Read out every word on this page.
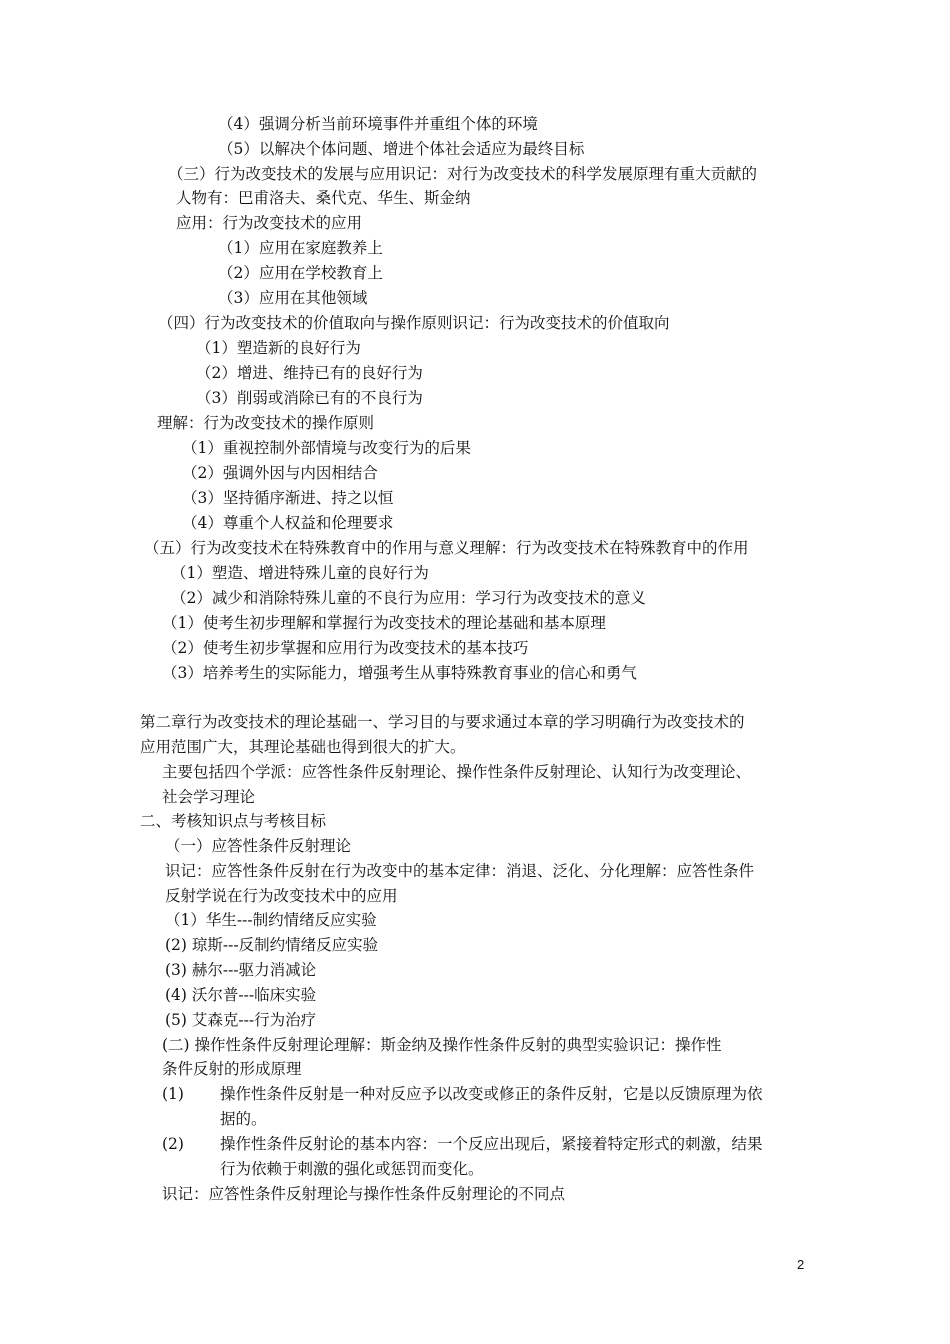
（4）强调分析当前环境事件并重组个体的环境
（5）以解决个体问题、增进个体社会适应为最终目标
（三）行为改变技术的发展与应用识记：对行为改变技术的科学发展原理有重大贡献的
人物有：巴甫洛夫、桑代克、华生、斯金纳
应用：行为改变技术的应用
（1）应用在家庭教养上
（2）应用在学校教育上
（3）应用在其他领域
（四）行为改变技术的价值取向与操作原则识记：行为改变技术的价值取向
（1）塑造新的良好行为
（2）增进、维持已有的良好行为
（3）削弱或消除已有的不良行为
理解：行为改变技术的操作原则
（1）重视控制外部情境与改变行为的后果
（2）强调外因与内因相结合
（3）坚持循序渐进、持之以恒
（4）尊重个人权益和伦理要求
（五）行为改变技术在特殊教育中的作用与意义理解：行为改变技术在特殊教育中的作用
（1）塑造、增进特殊儿童的良好行为
（2）减少和消除特殊儿童的不良行为应用：学习行为改变技术的意义
（1）使考生初步理解和掌握行为改变技术的理论基础和基本原理
（2）使考生初步掌握和应用行为改变技术的基本技巧
（3）培养考生的实际能力，增强考生从事特殊教育事业的信心和勇气
第二章行为改变技术的理论基础一、学习目的与要求通过本章的学习明确行为改变技术的
应用范围广大，其理论基础也得到很大的扩大。
主要包括四个学派：应答性条件反射理论、操作性条件反射理论、认知行为改变理论、
社会学习理论
二、考核知识点与考核目标
（一）应答性条件反射理论
识记：应答性条件反射在行为改变中的基本定律：消退、泛化、分化理解：应答性条件
反射学说在行为改变技术中的应用
（1）华生---制约情绪反应实验
(2) 琼斯---反制约情绪反应实验
(3) 赫尔---驱力消减论
(4) 沃尔普---临床实验
(5) 艾森克---行为治疗
(二) 操作性条件反射理论理解：斯金纳及操作性条件反射的典型实验识记：操作性
条件反射的形成原理
(1) 操作性条件反射是一种对反应予以改变或修正的条件反射，它是以反馈原理为依
据的。
(2) 操作性条件反射论的基本内容：一个反应出现后，紧接着特定形式的刺激，结果
行为依赖于刺激的强化或惩罚而变化。
识记：应答性条件反射理论与操作性条件反射理论的不同点
2
